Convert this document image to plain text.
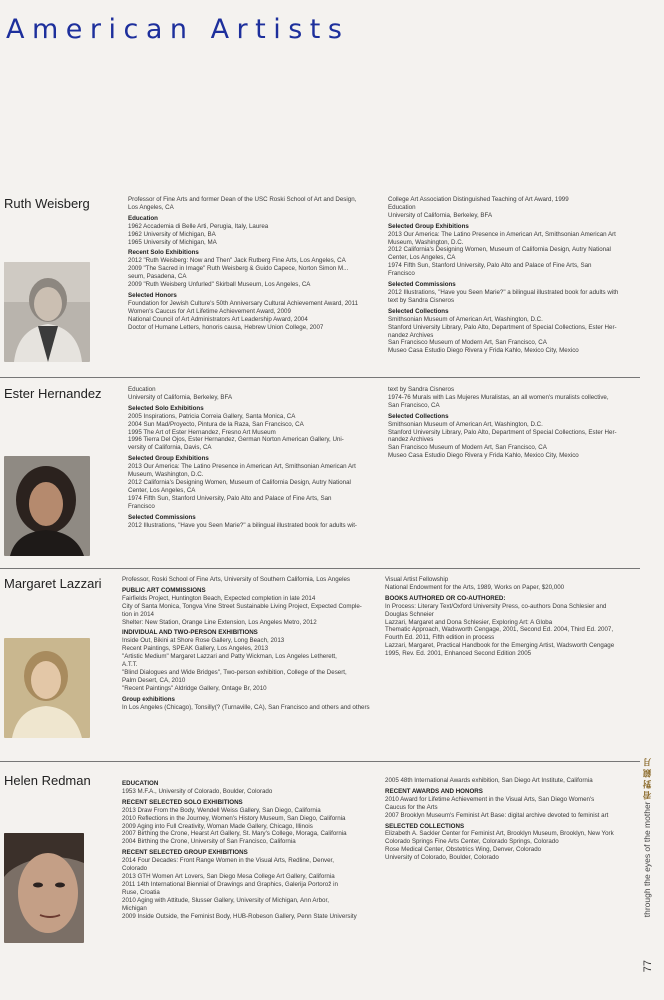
American Artists
Ruth Weisberg	Professor of Fine Arts and former Dean of the USC Roski School of Art and Design,
Los Angeles, CA
Education
1962 Accademia di Belle Arti, Perugia, Italy, Laurea
1962 University of Michigan, BA
1965 University of Michigan, MA
Recent Solo Exhibitions
2012 "Ruth Weisberg: Now and Then" Jack Rutberg Fine Arts, Los Angeles, CA
2009 "The Sacred in Image" Ruth Weisberg & Guido Capece, Norton Simon M...
seum, Pasadena, CA
2009 "Ruth Weisberg Unfurled" Skirball Museum, Los Angeles, CA
Selected Honors
Foundation for Jewish Culture's 50th Anniversary Cultural Achievement Award, 2011
Women's Caucus for Art Lifetime Achievement Award, 2009
National Council of Art Administrators Art Leadership Award, 2004
Doctor of Humane Letters, honoris causa, Hebrew Union College, 2007
College Art Association Distinguished Teaching of Art Award, 1999
Education
University of California, Berkeley, BFA
Selected Group Exhibitions
2013 Our America: The Latino Presence in American Art, Smithsonian American Art
Museum, Washington, D.C.
2012 California's Designing Women, Museum of California Design, Autry National
Center, Los Angeles, CA
1974 Fifth Sun, Stanford University, Palo Alto and Palace of Fine Arts, San
Francisco
Selected Commissions
2012 Illustrations, "Have you Seen Marie?" a bilingual illustrated book for adults with
text by Sandra Cisneros
Selected Collections
Smithsonian Museum of American Art, Washington, D.C.
Stanford University Library, Palo Alto, Department of Special Collections, Ester Her-
nandez Archives
San Francisco Museum of Modern Art, San Francisco, CA
Museo Casa Estudio Diego Rivera y Frida Kahlo, Mexico City, Mexico
Ester Hernandez	Education
University of California, Berkeley, BFA
Selected Solo Exhibitions
2005 Inspirations, Patricia Correia Gallery, Santa Monica, CA
2004 Sun Mad/Proyecto, Pintura de la Raza, San Francisco, CA
1995 The Art of Ester Hernandez, Fresno Art Museum
1996 Tierra Del Ojos, Ester Hernandez, German Norton American Gallery, Uni-
versity of California, Davis, CA
Selected Group Exhibitions
2013 Our America: The Latino Presence in American Art, Smithsonian American Art
Museum, Washington, D.C.
2012 California's Designing Women, Museum of California Design, Autry National
Center, Los Angeles, CA
1974 Fifth Sun, Stanford University, Palo Alto and Palace of Fine Arts, San
Francisco
Selected Commissions
2012 Illustrations, "Have you Seen Marie?" a bilingual illustrated book for adults wit-
text by Sandra Cisneros
1974-76 Murals with Las Mujeres Muralistas, an all women's muralists collective,
San Francisco, CA
Selected Collections
Smithsonian Museum of American Art, Washington, D.C.
Stanford University Library, Palo Alto, Department of Special Collections, Ester Her-
nandez Archives
San Francisco Museum of Modern Art, San Francisco, CA
Museo Casa Estudio Diego Rivera y Frida Kahlo, Mexico City, Mexico
Margaret Lazzari	Professor, Roski School of Fine Arts, University of Southern California, Los Angeles
PUBLIC ART COMMISSIONS
Fairfields Project, Huntington Beach, Expected completion in late 2014
City of Santa Monica, Tongva Vine Street Sustainable Living Project, Expected Comple-
tion in 2014
Shelter: New Station, Orange Line Extension, Los Angeles Metro, 2012
INDIVIDUAL AND TWO-PERSON EXHIBITIONS
Inside Out, Bikini at Shore Rose Gallery, Long Beach, 2013
Recent Paintings, SPEAK Gallery, Los Angeles, 2013
"Artistic Medium" Margaret Lazzari and Patty Wickman, Los Angeles Letherett,
A.T.T.
"Blind Dialogues and Wide Bridges", Two-person exhibition, College of the Desert,
Palm Desert, CA, 2010
"Recent Paintings" Aldridge Gallery, Ontage Br, 2010
Group exhibitions
In Los Angeles (Chicago), Tonsilly(? (Turnaville, CA), San Francisco and others and others
Visual Artist Fellowship
National Endowment for the Arts, 1989, Works on Paper, $20,000
BOOKS AUTHORED OR CO-AUTHORED:
In Process: Literary Text/Oxford University Press, co-authors Dona Schlesier and
Douglas Schneier
Lazzari, Margaret and Dona Schlesier, Exploring Art: A Globa
Thematic Approach, Wadsworth Cengage, 2001, Second Ed. 2004, Third Ed. 2007,
Fourth Ed. 2011, Fifth edition in process
Lazzari, Margaret, Practical Handbook for the Emerging Artist, Wadsworth Cengage
1995, Rev. Ed. 2001, Enhanced Second Edition 2005
Helen Redman	EDUCATION
1953 M.F.A., University of Colorado, Boulder, Colorado
RECENT SELECTED SOLO EXHIBITIONS
2013 Draw From the Body, Wendell Weiss Gallery, San Diego, California
2010 Reflections in the Journey, Women's History Museum, San Diego, California
2009 Aging into Full Creativity, Woman Made Gallery, Chicago, Illinois
2007 Birthing the Crone, Hearst Art Gallery, St. Mary's College, Moraga, California
2004 Birthing the Crone, University of San Francisco, California
RECENT SELECTED GROUP EXHIBITIONS
2014 Four Decades: Front Range Women in the Visual Arts, Redline, Denver,
Colorado
2013 GTH Women Art Lovers, San Diego Mesa College Art Gallery, California
2011 14th International Biennial of Drawings and Graphics, Galerija Portorož in
Ruse, Croatia
2010 Aging with Attitude, Slusser Gallery, University of Michigan, Ann Arbor,
Michigan
2009 Inside Outside, the Feminist Body, HUB-Robeson Gallery, Penn State University
2005 48th International Awards exhibition, San Diego Art Institute, California
RECENT AWARDS AND HONORS
2010 Award for Lifetime Achievement in the Visual Arts, San Diego Women's
Caucus for the Arts
2007 Brooklyn Museum's Feminist Art Base: digital archive devoted to feminist art
SELECTED COLLECTIONS
Elizabeth A. Sackler Center for Feminist Art, Brooklyn Museum, Brooklyn, New York
Colorado Springs Fine Arts Center, Colorado Springs, Colorado
Rose Medical Center, Obstetrics Wing, Denver, Colorado
University of Colorado, Boulder, Colorado	through the eyes of the mother 看 對 鏡 月
77
